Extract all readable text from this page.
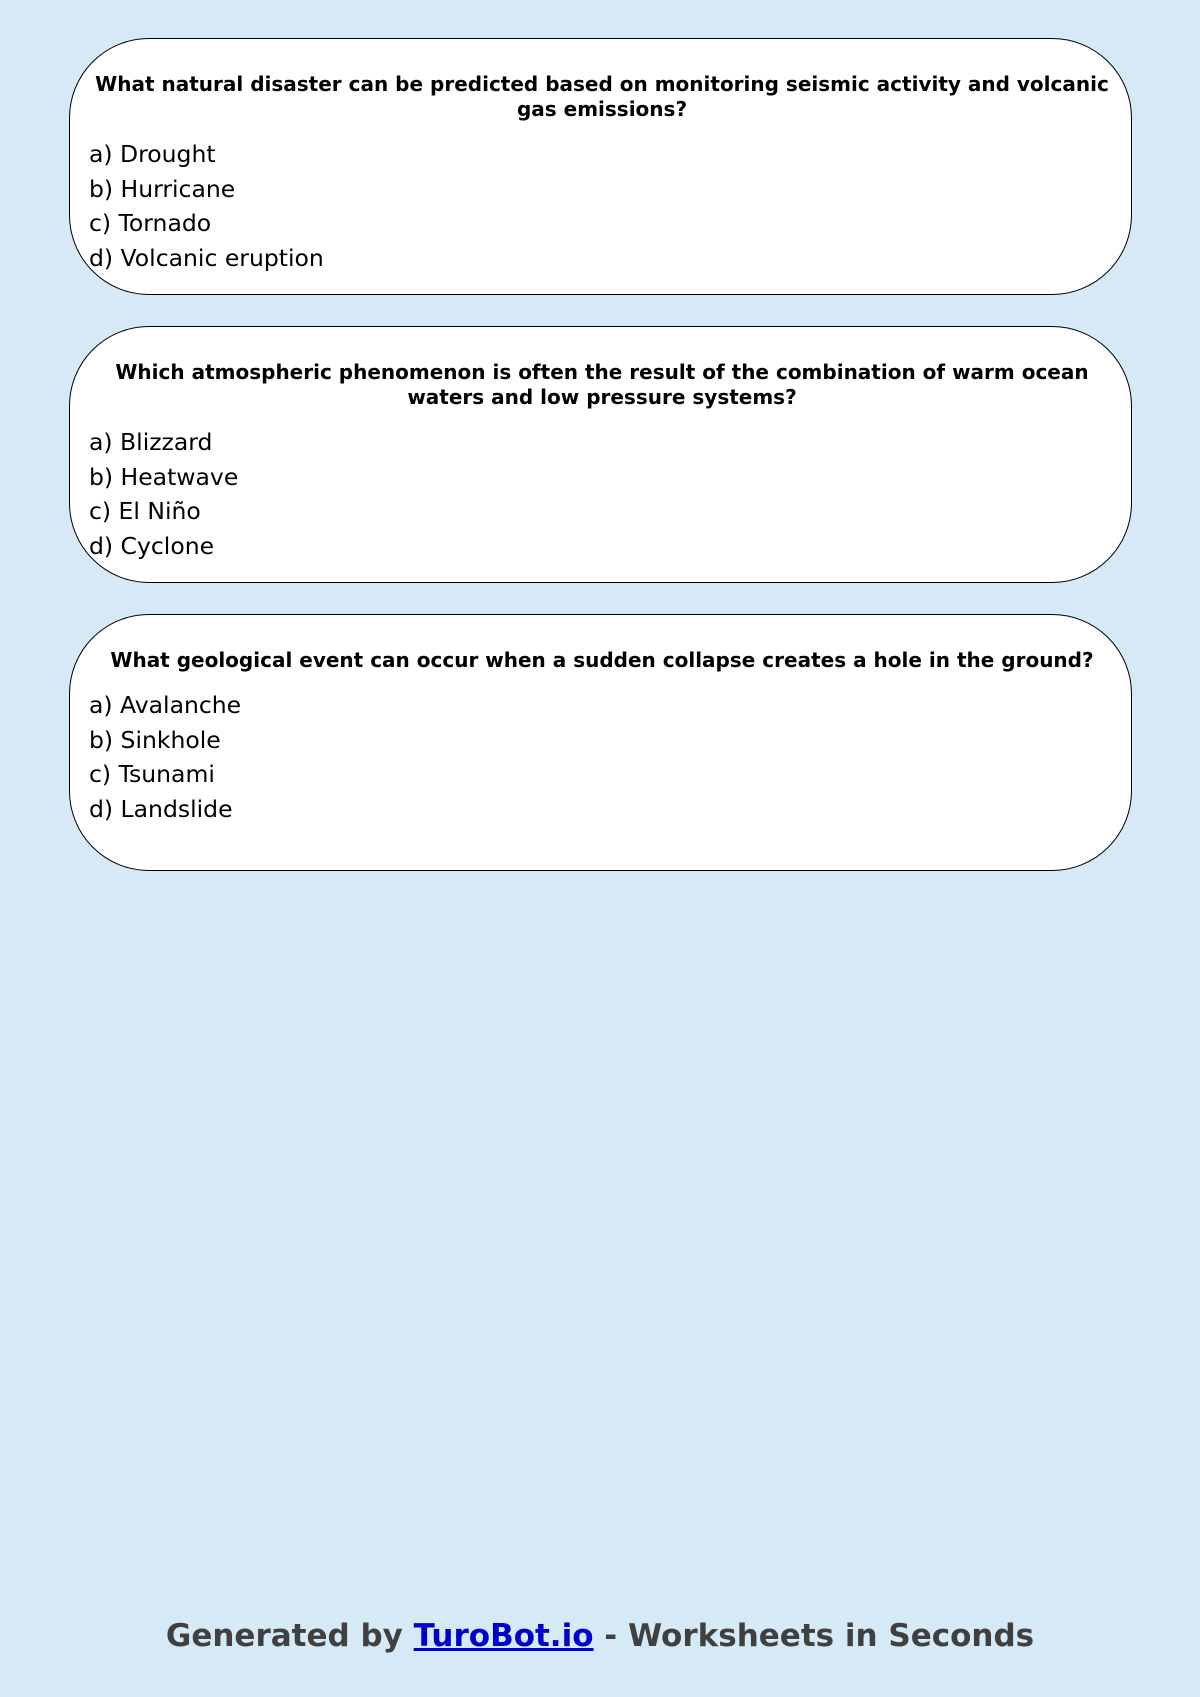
What natural disaster can be predicted based on monitoring seismic activity and volcanic gas emissions?
a) Drought
b) Hurricane
c) Tornado
d) Volcanic eruption
Which atmospheric phenomenon is often the result of the combination of warm ocean waters and low pressure systems?
a) Blizzard
b) Heatwave
c) El Niño
d) Cyclone
What geological event can occur when a sudden collapse creates a hole in the ground?
a) Avalanche
b) Sinkhole
c) Tsunami
d) Landslide
Generated by TuroBot.io - Worksheets in Seconds
